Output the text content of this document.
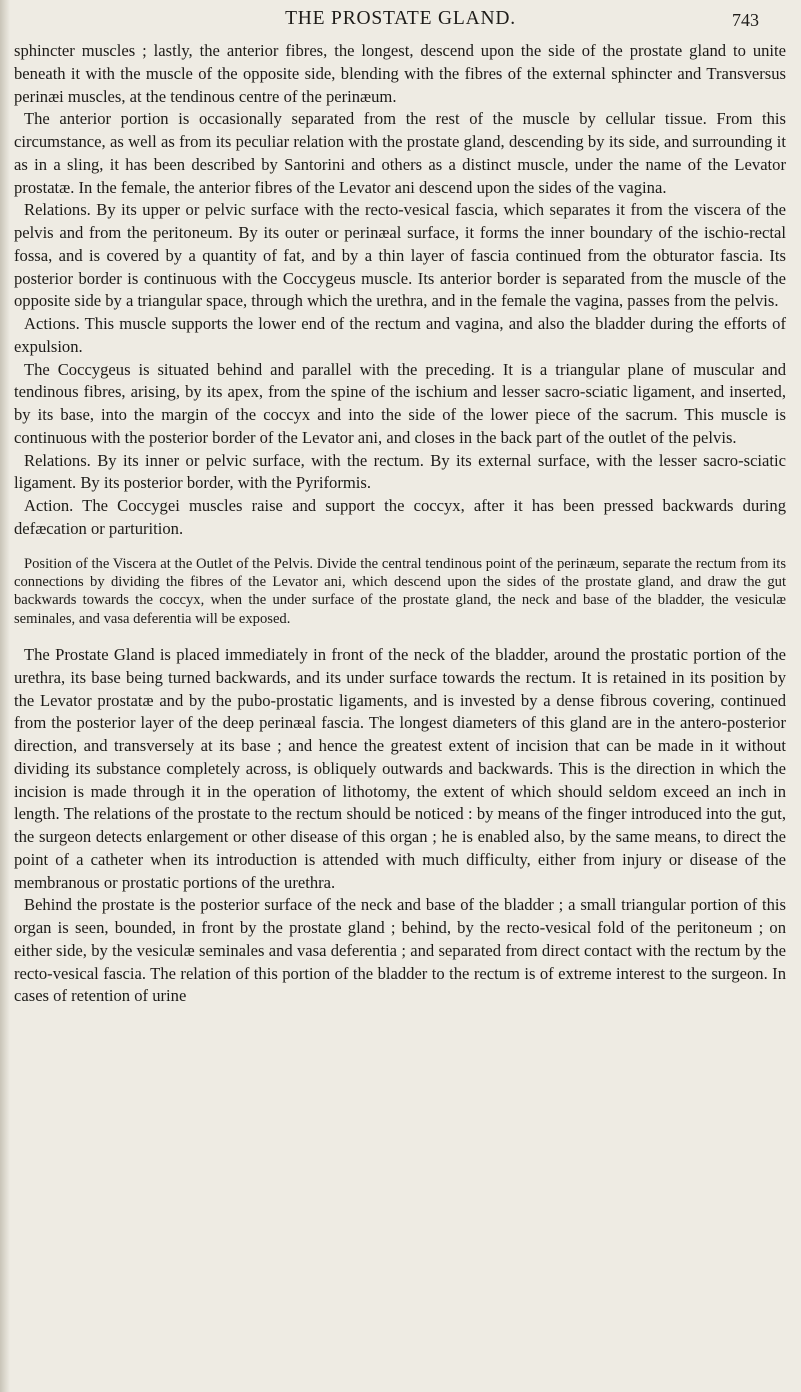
THE PROSTATE GLAND.	743

sphincter muscles ; lastly, the anterior fibres, the longest, descend upon the side of the prostate gland to unite beneath it with the muscle of the opposite side, blending with the fibres of the external sphincter and Transversus perinæi muscles, at the tendinous centre of the perinæum.

The anterior portion is occasionally separated from the rest of the muscle by cellular tissue. From this circumstance, as well as from its peculiar relation with the prostate gland, descending by its side, and surrounding it as in a sling, it has been described by Santorini and others as a distinct muscle, under the name of the Levator prostatæ. In the female, the anterior fibres of the Levator ani descend upon the sides of the vagina.

Relations. By its upper or pelvic surface with the recto-vesical fascia, which separates it from the viscera of the pelvis and from the peritoneum. By its outer or perinæal surface, it forms the inner boundary of the ischio-rectal fossa, and is covered by a quantity of fat, and by a thin layer of fascia continued from the obturator fascia. Its posterior border is continuous with the Coccygeus muscle. Its anterior border is separated from the muscle of the opposite side by a triangular space, through which the urethra, and in the female the vagina, passes from the pelvis.

Actions. This muscle supports the lower end of the rectum and vagina, and also the bladder during the efforts of expulsion.

The Coccygeus is situated behind and parallel with the preceding. It is a triangular plane of muscular and tendinous fibres, arising, by its apex, from the spine of the ischium and lesser sacro-sciatic ligament, and inserted, by its base, into the margin of the coccyx and into the side of the lower piece of the sacrum. This muscle is continuous with the posterior border of the Levator ani, and closes in the back part of the outlet of the pelvis.

Relations. By its inner or pelvic surface, with the rectum. By its external surface, with the lesser sacro-sciatic ligament. By its posterior border, with the Pyriformis.

Action. The Coccygei muscles raise and support the coccyx, after it has been pressed backwards during defæcation or parturition.

Position of the Viscera at the Outlet of the Pelvis. Divide the central tendinous point of the perinæum, separate the rectum from its connections by dividing the fibres of the Levator ani, which descend upon the sides of the prostate gland, and draw the gut backwards towards the coccyx, when the under surface of the prostate gland, the neck and base of the bladder, the vesiculæ seminales, and vasa deferentia will be exposed.

The Prostate Gland is placed immediately in front of the neck of the bladder, around the prostatic portion of the urethra, its base being turned backwards, and its under surface towards the rectum. It is retained in its position by the Levator prostatæ and by the pubo-prostatic ligaments, and is invested by a dense fibrous covering, continued from the posterior layer of the deep perinæal fascia. The longest diameters of this gland are in the antero-posterior direction, and transversely at its base ; and hence the greatest extent of incision that can be made in it without dividing its substance completely across, is obliquely outwards and backwards. This is the direction in which the incision is made through it in the operation of lithotomy, the extent of which should seldom exceed an inch in length. The relations of the prostate to the rectum should be noticed : by means of the finger introduced into the gut, the surgeon detects enlargement or other disease of this organ ; he is enabled also, by the same means, to direct the point of a catheter when its introduction is attended with much difficulty, either from injury or disease of the membranous or prostatic portions of the urethra.

Behind the prostate is the posterior surface of the neck and base of the bladder ; a small triangular portion of this organ is seen, bounded, in front by the prostate gland ; behind, by the recto-vesical fold of the peritoneum ; on either side, by the vesiculæ seminales and vasa deferentia ; and separated from direct contact with the rectum by the recto-vesical fascia. The relation of this portion of the bladder to the rectum is of extreme interest to the surgeon. In cases of retention of urine
